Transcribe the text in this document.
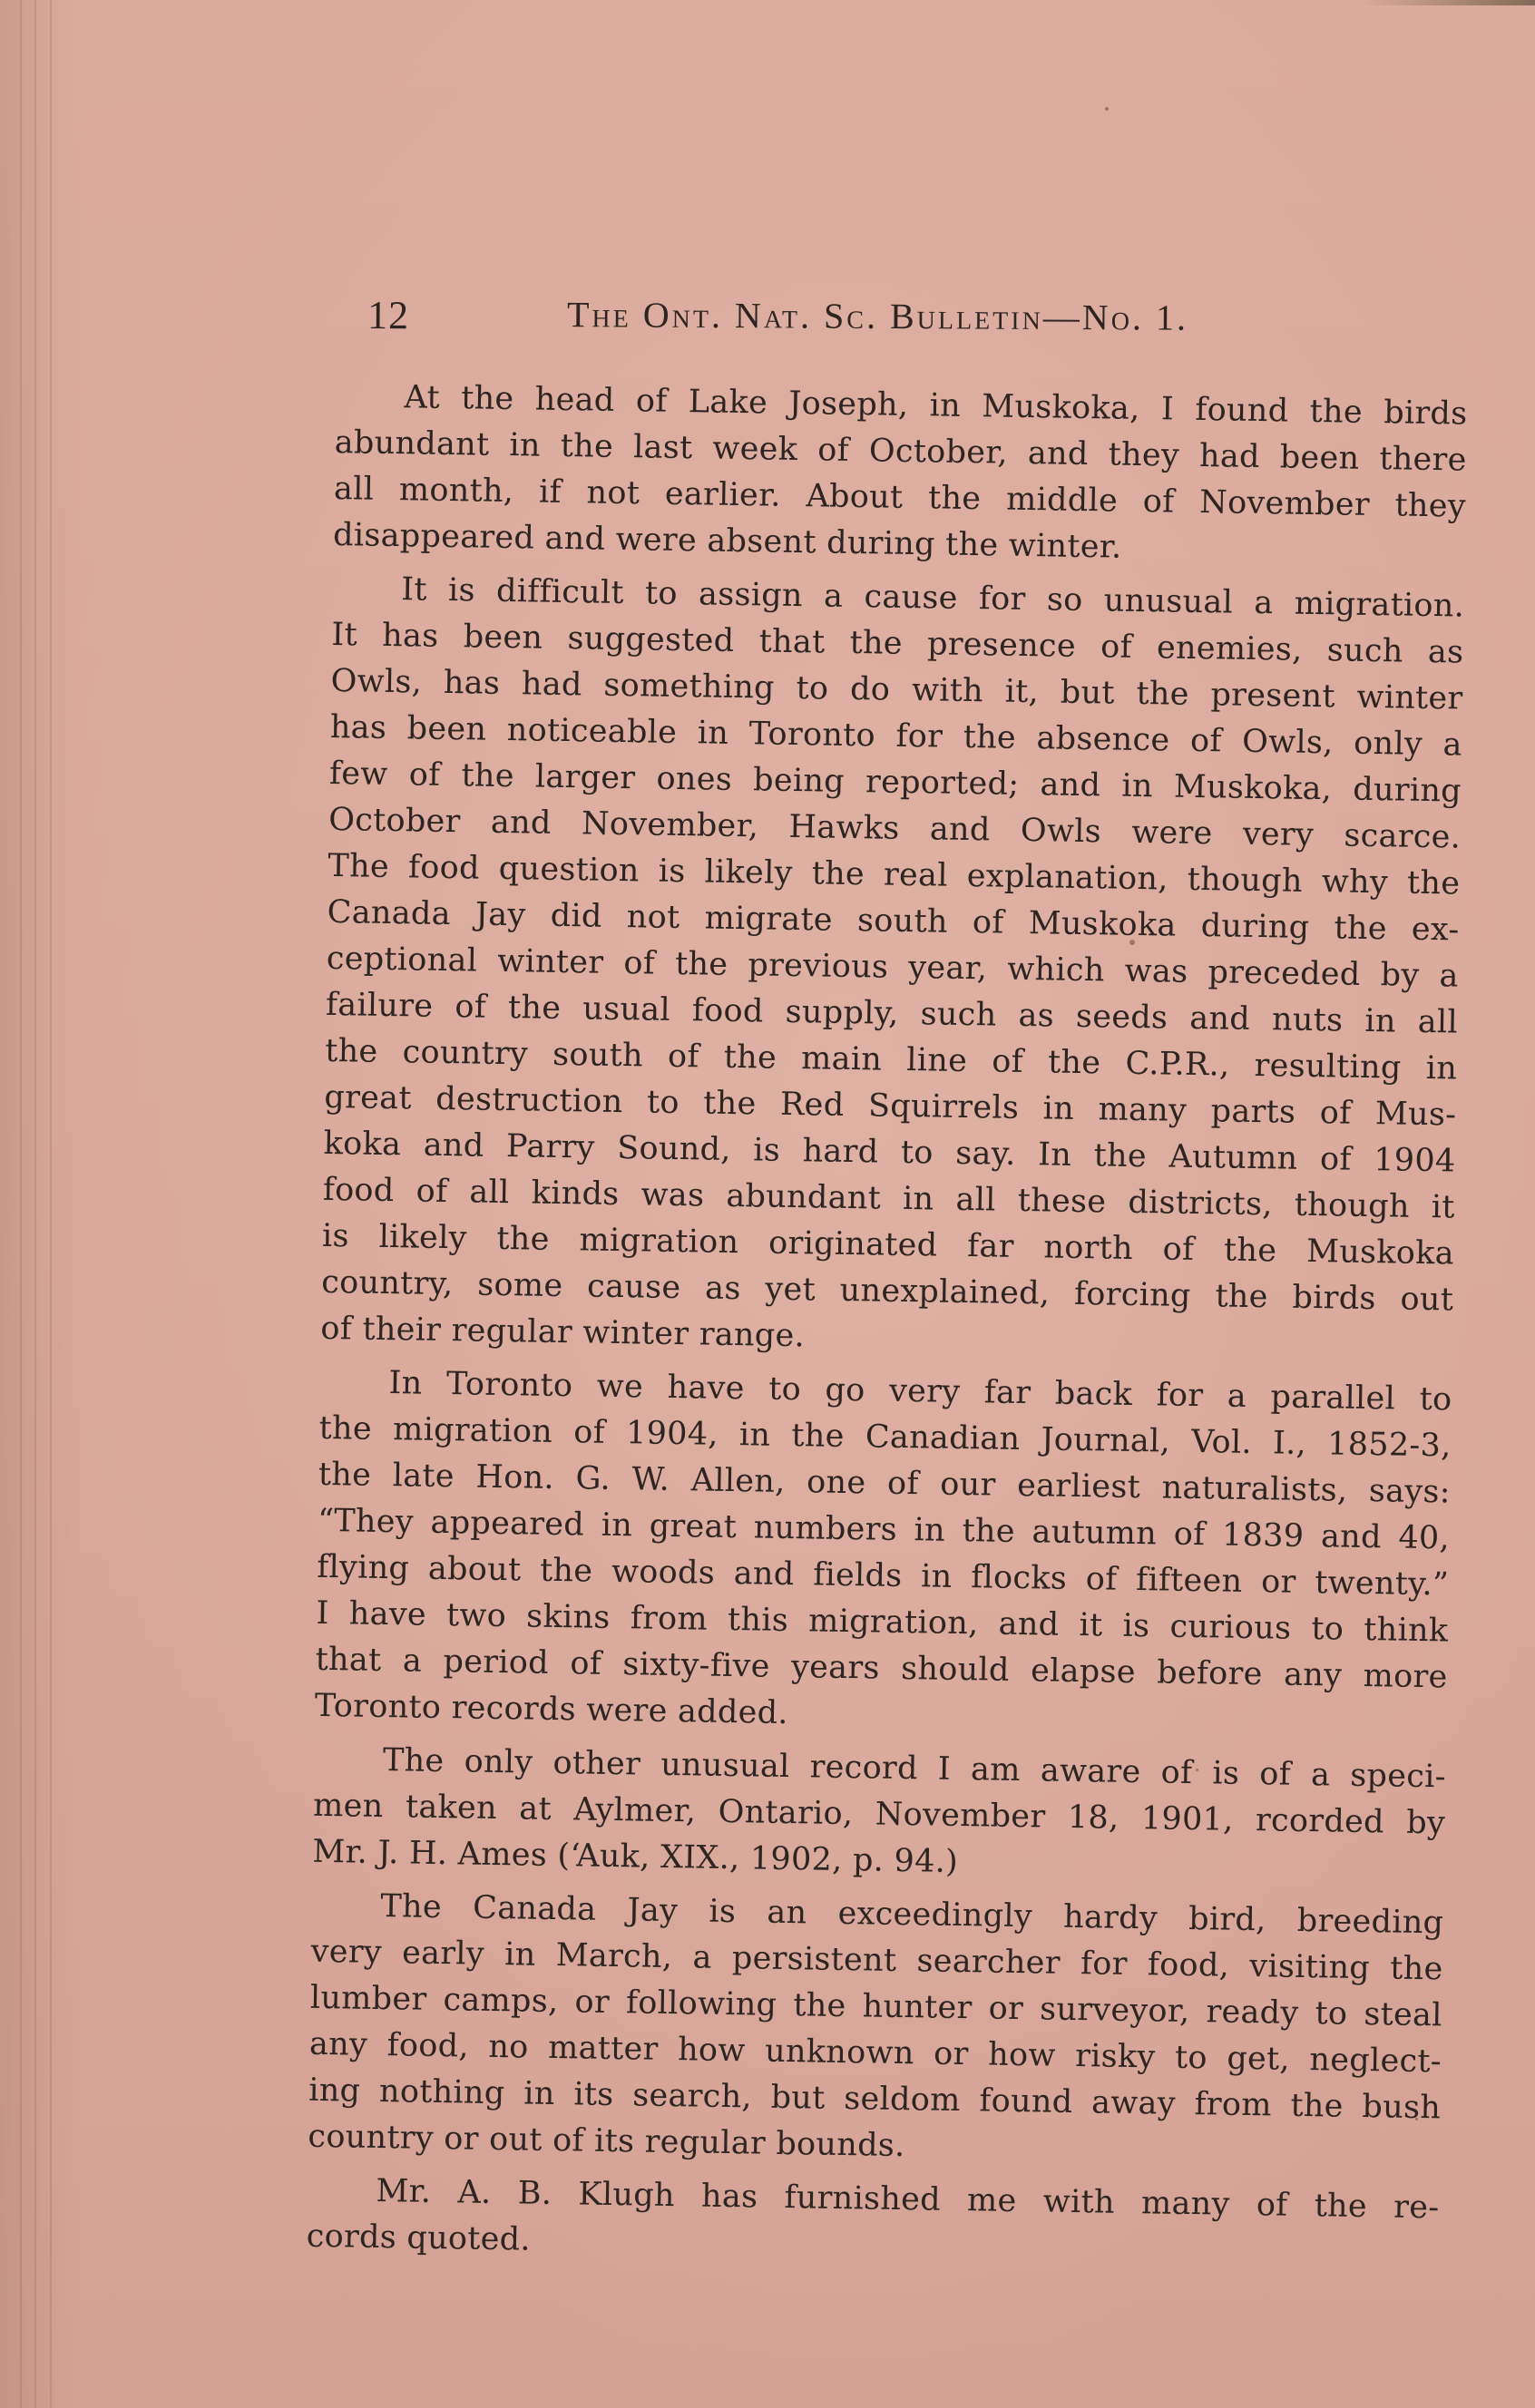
12	The Ont. Nat. Sc. Bulletin—No. 1.
At the head of Lake Joseph, in Muskoka, I found the birds
abundant in the last week of October, and they had been there
all month, if not earlier. About the middle of November they
disappeared and were absent during the winter.
It is difficult to assign a cause for so unusual a migration.
It has been suggested that the presence of enemies, such as
Owls, has had something to do with it, but the present winter
has been noticeable in Toronto for the absence of Owls, only a
few of the larger ones being reported; and in Muskoka, during
October and November, Hawks and Owls were very scarce.
The food question is likely the real explanation, though why the
Canada Jay did not migrate south of Muskoka during the ex-
ceptional winter of the previous year, which was preceded by a
failure of the usual food supply, such as seeds and nuts in all
the country south of the main line of the C.P.R., resulting in
great destruction to the Red Squirrels in many parts of Mus-
koka and Parry Sound, is hard to say. In the Autumn of 1904
food of all kinds was abundant in all these districts, though it
is likely the migration originated far north of the Muskoka
country, some cause as yet unexplained, forcing the birds out
of their regular winter range.
In Toronto we have to go very far back for a parallel to
the migration of 1904, in the Canadian Journal, Vol. I., 1852-3,
the late Hon. G. W. Allen, one of our earliest naturalists, says:
“They appeared in great numbers in the autumn of 1839 and 40,
flying about the woods and fields in flocks of fifteen or twenty.”
I have two skins from this migration, and it is curious to think
that a period of sixty-five years should elapse before any more
Toronto records were added.
The only other unusual record I am aware of is of a speci-
men taken at Aylmer, Ontario, November 18, 1901, rcorded by
Mr. J. H. Ames (‘Auk, XIX., 1902, p. 94.)
The Canada Jay is an exceedingly hardy bird, breeding
very early in March, a persistent searcher for food, visiting the
lumber camps, or following the hunter or surveyor, ready to steal
any food, no matter how unknown or how risky to get, neglect-
ing nothing in its search, but seldom found away from the bush
country or out of its regular bounds.
Mr. A. B. Klugh has furnished me with many of the re-
cords quoted.
